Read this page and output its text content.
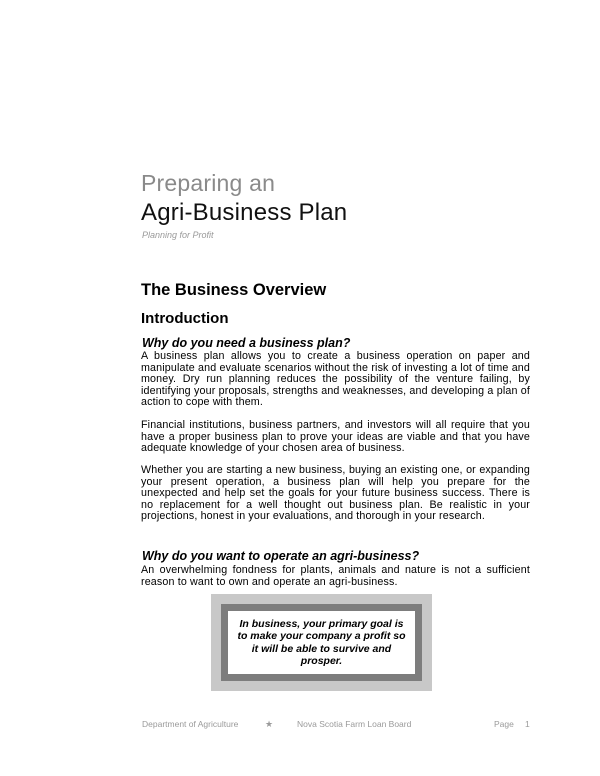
Preparing an
Agri-Business Plan
Planning for Profit
The Business Overview
Introduction
Why do you need a business plan?

A business plan allows you to create a business operation on paper and manipulate and evaluate scenarios without the risk of investing a lot of time and money. Dry run planning reduces the possibility of the venture failing, by identifying your proposals, strengths and weaknesses, and developing a plan of action to cope with them.

Financial institutions, business partners, and investors will all require that you have a proper business plan to prove your ideas are viable and that you have adequate knowledge of your chosen area of business.

Whether you are starting a new business, buying an existing one, or expanding your present operation, a business plan will help you prepare for the unexpected and help set the goals for your future business success. There is no replacement for a well thought out business plan. Be realistic in your projections, honest in your evaluations, and thorough in your research.

Why do you want to operate an agri-business?

An overwhelming fondness for plants, animals and nature is not a sufficient reason to want to own and operate an agri-business.

In business, your primary goal is to make your company a profit so it will be able to survive and prosper.
Department of Agriculture	★	Nova Scotia Farm Loan Board	Page 1
